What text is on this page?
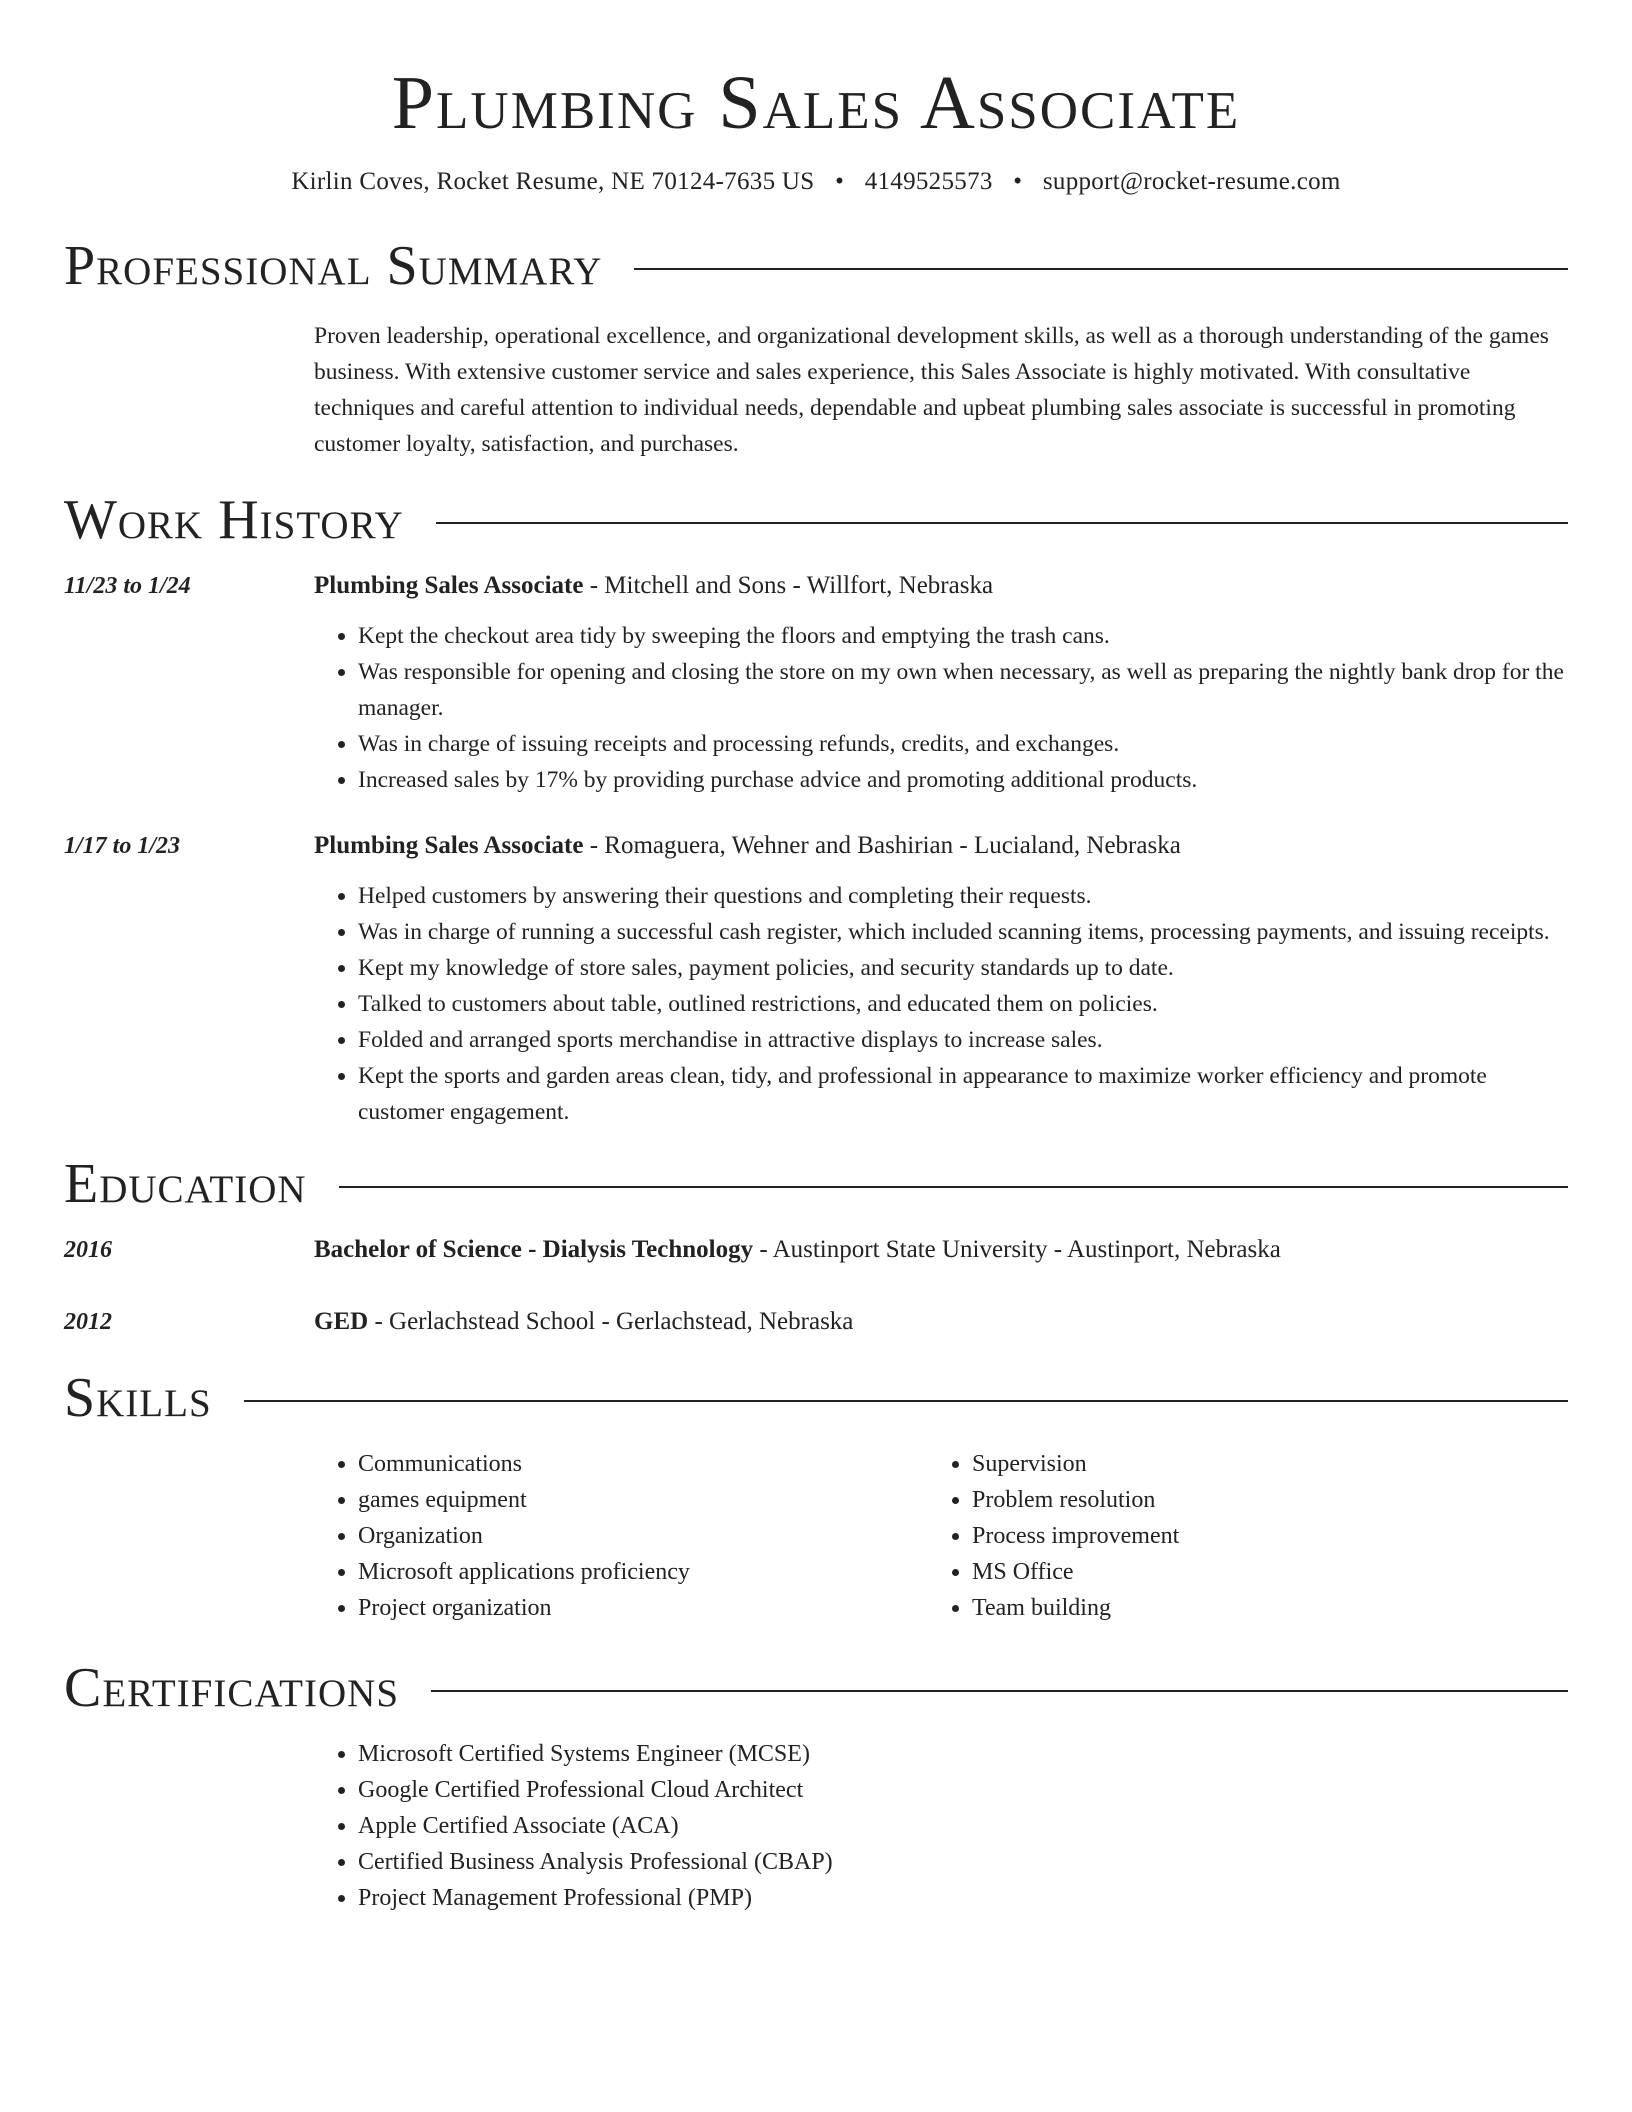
Plumbing Sales Associate
Kirlin Coves, Rocket Resume, NE 70124-7635 US • 4149525573 • support@rocket-resume.com
Professional Summary
Proven leadership, operational excellence, and organizational development skills, as well as a thorough understanding of the games business. With extensive customer service and sales experience, this Sales Associate is highly motivated. With consultative techniques and careful attention to individual needs, dependable and upbeat plumbing sales associate is successful in promoting customer loyalty, satisfaction, and purchases.
Work History
11/23 to 1/24	Plumbing Sales Associate - Mitchell and Sons - Willfort, Nebraska
• Kept the checkout area tidy by sweeping the floors and emptying the trash cans.
• Was responsible for opening and closing the store on my own when necessary, as well as preparing the nightly bank drop for the manager.
• Was in charge of issuing receipts and processing refunds, credits, and exchanges.
• Increased sales by 17% by providing purchase advice and promoting additional products.
1/17 to 1/23	Plumbing Sales Associate - Romaguera, Wehner and Bashirian - Lucialand, Nebraska
• Helped customers by answering their questions and completing their requests.
• Was in charge of running a successful cash register, which included scanning items, processing payments, and issuing receipts.
• Kept my knowledge of store sales, payment policies, and security standards up to date.
• Talked to customers about table, outlined restrictions, and educated them on policies.
• Folded and arranged sports merchandise in attractive displays to increase sales.
• Kept the sports and garden areas clean, tidy, and professional in appearance to maximize worker efficiency and promote customer engagement.
Education
2016	Bachelor of Science - Dialysis Technology - Austinport State University - Austinport, Nebraska
2012	GED - Gerlachstead School - Gerlachstead, Nebraska
Skills
• Communications
• games equipment
• Organization
• Microsoft applications proficiency
• Project organization
• Supervision
• Problem resolution
• Process improvement
• MS Office
• Team building
Certifications
• Microsoft Certified Systems Engineer (MCSE)
• Google Certified Professional Cloud Architect
• Apple Certified Associate (ACA)
• Certified Business Analysis Professional (CBAP)
• Project Management Professional (PMP)
